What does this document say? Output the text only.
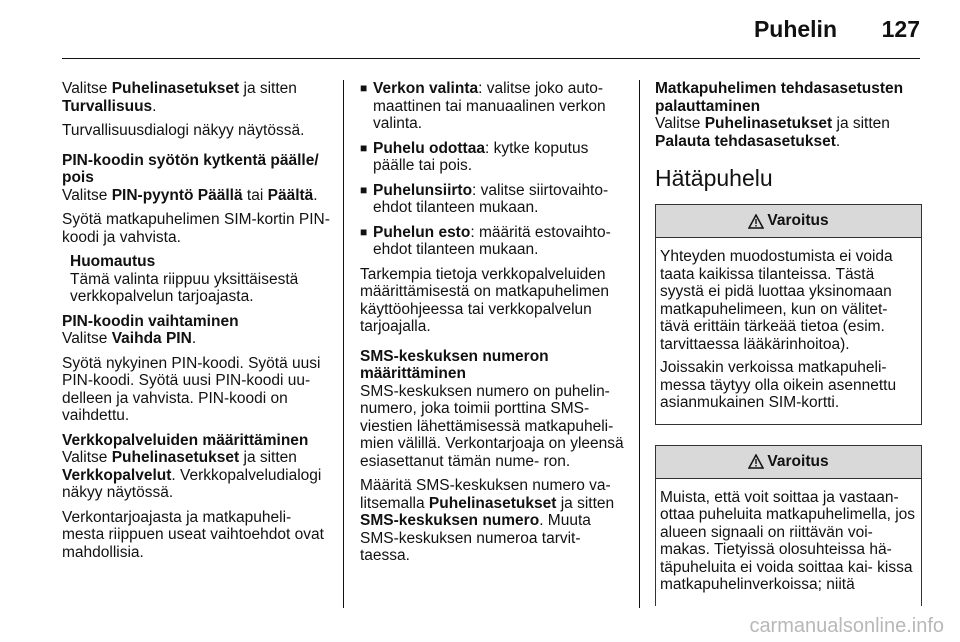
Puhelin 127

Valitse Puhelinasetukset ja sitten
Turvallisuus.

Turvallisuusdialogi näkyy näytössä.

PIN-koodin syötön kytkentä päälle/ pois

Valitse PIN-pyyntö Päällä tai Päältä.

Syötä matkapuhelimen SIM-kortin PIN-koodi ja vahvista.

Huomautus
Tämä valinta riippuu yksittäisestä verkkopalvelun tarjoajasta.

PIN-koodin vaihtaminen

Valitse Vaihda PIN.

Syötä nykyinen PIN-koodi. Syötä uusi PIN-koodi. Syötä uusi PIN-koodi uu- delleen ja vahvista. PIN-koodi on vaihdettu.

Verkkopalveluiden määrittäminen

Valitse Puhelinasetukset ja sitten
Verkkopalvelut. Verkkopalveludialogi näkyy näytössä.

Verkontarjoajasta ja matkapuheli- mesta riippuen useat vaihtoehdot ovat mahdollisia.

■ Verkon valinta: valitse joko auto- maattinen tai manuaalinen verkon valinta.
■ Puhelu odottaa: kytke koputus päälle tai pois.
■ Puhelunsiirto: valitse siirtovaihto- ehdot tilanteen mukaan.
■ Puhelun esto: määritä estovaihto- ehdot tilanteen mukaan.

Tarkempia tietoja verkkopalveluiden määrittämisestä on matkapuhelimen käyttöohjeessa tai verkkopalvelun tarjoajalla.

SMS-keskuksen numeron määrittäminen

SMS-keskuksen numero on puhelin- numero, joka toimii porttina SMS- viestien lähettämisessä matkapuheli- mien välillä. Verkontarjoaja on yleensä esiasettanut tämän nume- ron.

Määritä SMS-keskuksen numero va- litsemalla Puhelinasetukset ja sitten SMS-keskuksen numero. Muuta SMS-keskuksen numeroa tarvit- taessa.

Matkapuhelimen tehdasasetusten palauttaminen

Valitse Puhelinasetukset ja sitten
Palauta tehdasasetukset.

Hätäpuhelu
Varoitus

Yhteyden muodostumista ei voida taata kaikissa tilanteissa. Tästä syystä ei pidä luottaa yksinomaan matkapuhelimeen, kun on välitet- tävä erittäin tärkeää tietoa (esim. tarvittaessa lääkärinhoitoa).

Joissakin verkoissa matkapuheli- messa täytyy olla oikein asennettu asianmukainen SIM-kortti.

Varoitus

Muista, että voit soittaa ja vastaan- ottaa puheluita matkapuhelimella, jos alueen signaali on riittävän voi- makas. Tietyissä olosuhteissa hä- täpuheluita ei voida soittaa kai- kissa matkapuhelinverkoissa; niitä

carmanualsonline.info
